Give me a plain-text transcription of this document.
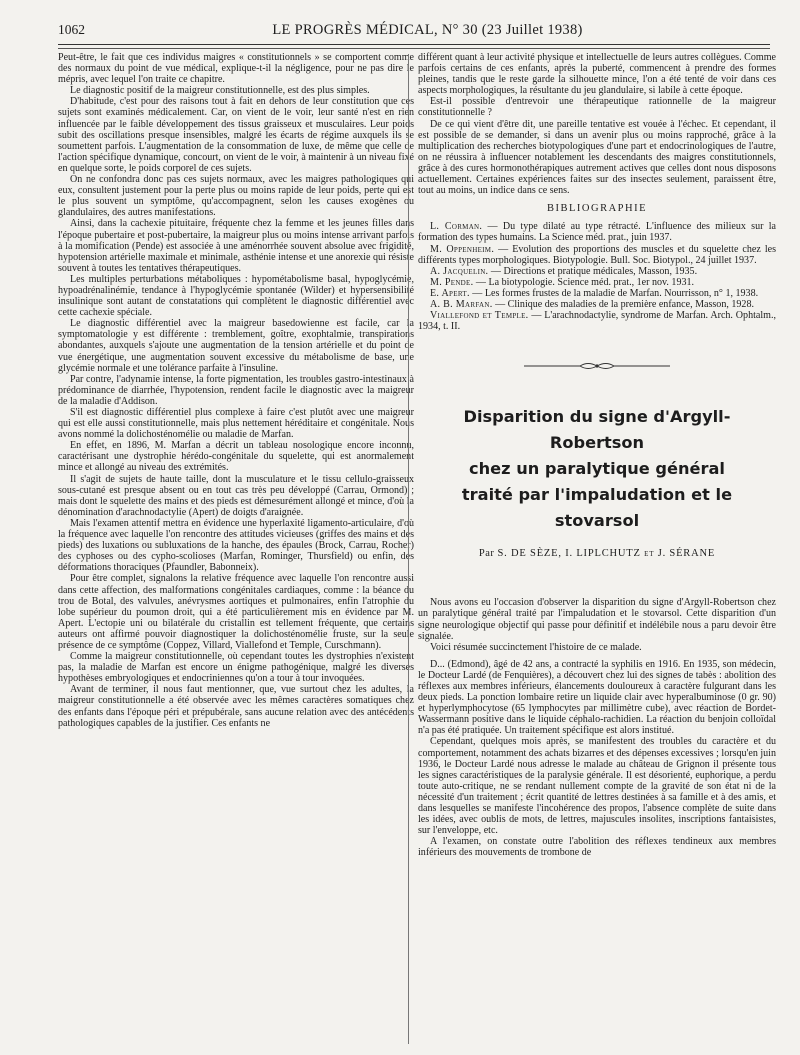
1062	LE PROGRÈS MÉDICAL, N° 30 (23 Juillet 1938)

Peut-être, le fait que ces individus maigres « constitutionnels » se comportent comme des normaux du point de vue médical, explique-t-il la négligence, pour ne pas dire le mépris, avec lequel l'on traite ce chapitre.

Le diagnostic positif de la maigreur constitutionnelle, est des plus simples.

D'habitude, c'est pour des raisons tout à fait en dehors de leur constitution que ces sujets sont examinés médicalement. Car, on vient de le voir, leur santé n'est en rien influencée par le faible développement des tissus graisseux et musculaires. Leur poids subit des oscillations presque insensibles, malgré les écarts de régime auxquels ils se soumettent parfois. L'augmentation de la consommation de luxe, de même que celle de l'action spécifique dynamique, concourt, on vient de le voir, à maintenir à un niveau fixé en quelque sorte, le poids corporel de ces sujets.

On ne confondra donc pas ces sujets normaux, avec les maigres pathologiques qui eux, consultent justement pour la perte plus ou moins rapide de leur poids, perte qui est le plus souvent un symptôme, qu'accompagnent, selon les causes exogènes ou glandulaires, des autres manifestations.

Ainsi, dans la cachexie pituitaire, fréquente chez la femme et les jeunes filles dans l'époque pubertaire et post-pubertaire, la maigreur plus ou moins intense arrivant parfois à la momification (Pende) est associée à une aménorrhée souvent absolue avec frigidité, hypotension artérielle maximale et minimale, asthénie intense et une anorexie qui résiste souvent à toutes les tentatives thérapeutiques.

Les multiples perturbations métaboliques : hypométabolisme basal, hypoglycémie, hypoadrénalinémie, tendance à l'hypoglycémie spontanée (Wilder) et hypersensibilité insulinique sont autant de constatations qui complètent le diagnostic différentiel avec cette cachexie spéciale.

Le diagnostic différentiel avec la maigreur basedowienne est facile, car la symptomatologie y est différente : tremblement, goître, exophtalmie, transpirations abondantes, auxquels s'ajoute une augmentation de la tension artérielle et du point de vue énergétique, une augmentation souvent excessive du métabolisme de base, une glycémie normale et une tolérance parfaite à l'insuline.

Par contre, l'adynamie intense, la forte pigmentation, les troubles gastro-intestinaux à prédominance de diarrhée, l'hypotension, rendent facile le diagnostic avec la maigreur de la maladie d'Addison.

S'il est diagnostic différentiel plus complexe à faire c'est plutôt avec une maigreur qui est elle aussi constitutionnelle, mais plus nettement héréditaire et congénitale. Nous avons nommé la dolichosténomélie ou maladie de Marfan.

En effet, en 1896, M. Marfan a décrit un tableau nosologique encore inconnu, caractérisant une dystrophie hérédo-congénitale du squelette, qui est anormalement mince et allongé au niveau des extrémités.

Il s'agit de sujets de haute taille, dont la musculature et le tissu cellulo-graisseux sous-cutané est presque absent ou en tout cas très peu développé (Carrau, Ormond) ; mais dont le squelette des mains et des pieds est démesurément allongé et mince, d'où la dénomination d'arachnodactylie (Apert) de doigts d'araignée.

Mais l'examen attentif mettra en évidence une hyperlaxité ligamento-articulaire, d'où la fréquence avec laquelle l'on rencontre des attitudes vicieuses (griffes des mains et des pieds) des luxations ou subluxations de la hanche, des épaules (Brock, Carrau, Rocher) des cyphoses ou des cypho-scolioses (Marfan, Rominger, Thursfield) ou enfin, des déformations thoraciques (Pfaundler, Babonneix).

Pour être complet, signalons la relative fréquence avec laquelle l'on rencontre aussi dans cette affection, des malformations congénitales cardiaques, comme : la béance du trou de Botal, des valvules, anévrysmes aortiques et pulmonaires, enfin l'atrophie du lobe supérieur du poumon droit, qui a été particulièrement mis en évidence par M. Apert. L'ectopie uni ou bilatérale du cristallin est tellement fréquente, que certains auteurs ont affirmé pouvoir diagnostiquer la dolichosténomélie fruste, sur la seule présence de ce symptôme (Coppez, Villard, Viallefond et Temple, Curschmann).

Comme la maigreur constitutionnelle, où cependant toutes les dystrophies n'existent pas, la maladie de Marfan est encore un énigme pathogénique, malgré les diverses hypothèses embryologiques et endocriniennes qu'on a tour à tour invoquées.

Avant de terminer, il nous faut mentionner, que, vue surtout chez les adultes, la maigreur constitutionnelle a été observée avec les mêmes caractères somatiques chez des enfants dans l'époque péri et prépubérale, sans aucune relation avec des antécédents pathologiques capables de la justifier. Ces enfants ne

différent quant à leur activité physique et intellectuelle de leurs autres collègues. Comme parfois certains de ces enfants, après la puberté, commencent à prendre des formes pleines, tandis que le reste garde la silhouette mince, l'on a été tenté de voir dans ces aspects morphologiques, la résultante du jeu glandulaire, si labile à cette époque.

Est-il possible d'entrevoir une thérapeutique rationnelle de la maigreur constitutionnelle ?

De ce qui vient d'être dit, une pareille tentative est vouée à l'échec. Et cependant, il est possible de se demander, si dans un avenir plus ou moins rapproché, grâce à la multiplication des recherches biotypologiques d'une part et endocrinologiques de l'autre, on ne réussira à influencer notablement les descendants des maigres constitutionnels, grâce à des cures hormonothérapiques autrement actives que celles dont nous disposons actuellement. Certaines expériences faites sur des insectes seulement, paraissent être, tout au moins, un indice dans ce sens.

BIBLIOGRAPHIE

L. Corman. — Du type dilaté au type rétracté. L'influence des milieux sur la formation des types humains. La Science méd. prat., juin 1937.

M. Oppenheim. — Evolution des proportions des muscles et du squelette chez les différents types morphologiques. Biotypologie. Bull. Soc. Biotypol., 24 juillet 1937.

A. Jacquelin. — Directions et pratique médicales, Masson, 1935.

M. Pende. — La biotypologie. Science méd. prat., 1er nov. 1931.

E. Apert. — Les formes frustes de la maladie de Marfan. Nourrisson, n° 1, 1938.

A. B. Marfan. — Clinique des maladies de la première enfance, Masson, 1928.

Viallefond et Temple. — L'arachnodactylie, syndrome de Marfan. Arch. Ophtalm., 1934, t. II.

Disparition du signe d'Argyll-Robertson
chez un paralytique général
traité par l'impaludation et le stovarsol
Par S. DE SÈZE, I. LIPLCHUTZ et J. SÉRANE

Nous avons eu l'occasion d'observer la disparition du signe d'Argyll-Robertson chez un paralytique général traité par l'impaludation et le stovarsol. Cette disparition d'un signe neurologique objectif qui passe pour définitif et indélébile nous a paru devoir être signalée.

Voici résumée succinctement l'histoire de ce malade.

D... (Edmond), âgé de 42 ans, a contracté la syphilis en 1916. En 1935, son médecin, le Docteur Lardé (de Fenquières), a découvert chez lui des signes de tabès : abolition des réflexes aux membres inférieurs, élancements douloureux à caractère fulgurant dans les deux pieds. La ponction lombaire retire un liquide clair avec hyperalbuminose (0 gr. 90) et hyperlymphocytose (65 lymphocytes par millimètre cube), avec réaction de Bordet-Wassermann positive dans le liquide céphalo-rachidien. La réaction du benjoin colloïdal n'a pas été pratiquée. Un traitement spécifique est alors institué.

Cependant, quelques mois après, se manifestent des troubles du caractère et du comportement, notamment des achats bizarres et des dépenses excessives ; lorsqu'en juin 1936, le Docteur Lardé nous adresse le malade au château de Grignon il présente tous les signes caractéristiques de la paralysie générale. Il est désorienté, euphorique, a perdu toute auto-critique, ne se rendant nullement compte de la gravité de son état ni de la nécessité d'un traitement ; écrit quantité de lettres destinées à sa famille et à des amis, et dans lesquelles se manifeste l'incohérence des propos, l'absence complète de suite dans les idées, avec oublis de mots, de lettres, majuscules insolites, inscriptions fantaisistes, sur l'enveloppe, etc.

A l'examen, on constate outre l'abolition des réflexes tendineux aux membres inférieurs des mouvements de trombone de
